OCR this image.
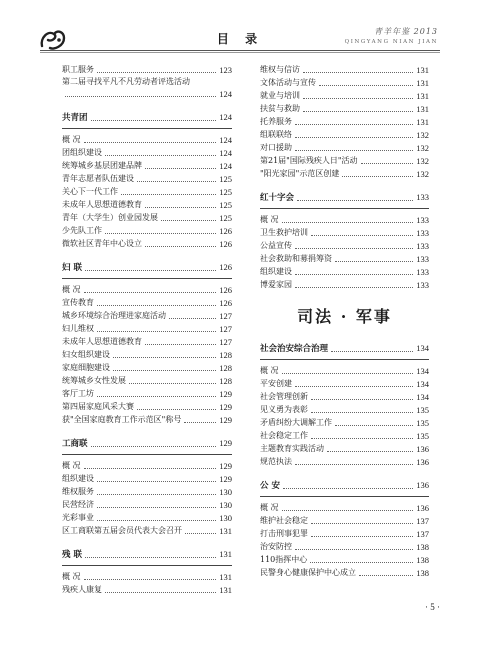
目 录
青羊年鉴 2013
QINGYANG NIAN JIAN
职工服务	123
第二届寻找平凡不凡劳动者评选活动
124
共青团	124
概 况	124
团组织建设	124
统筹城乡基层团建品牌	124
青年志愿者队伍建设	125
关心下一代工作	125
未成年人思想道德教育	125
青年（大学生）创业园发展	125
少先队工作	126
微软社区青年中心设立	126
妇 联	126
概 况	126
宣传教育	126
城乡环境综合治理进家庭活动	127
妇儿维权	127
未成年人思想道德教育	127
妇女组织建设	128
家庭细胞建设	128
统筹城乡女性发展	128
客厅工坊	129
第四届家庭风采大赛	129
获"全国家庭教育工作示范区"称号	129
工商联	129
概 况	129
组织建设	129
维权服务	130
民营经济	130
光彩事业	130
区工商联第五届会员代表大会召开	131
残 联	131
概 况	131
残疾人康复	131
维权与信访	131
文体活动与宣传	131
就业与培训	131
扶贫与救助	131
托养服务	131
组联联络	132
对口援助	132
第21届"国际残疾人日"活动	132
"阳光家园"示范区创建	132
红十字会	133
概 况	133
卫生救护培训	133
公益宣传	133
社会救助和募捐筹资	133
组织建设	133
博爱家园	133
司法 · 军事
社会治安综合治理	134
概 况	134
平安创建	134
社会管理创新	134
见义勇为表彰	135
矛盾纠纷大调解工作	135
社会稳定工作	135
主题教育实践活动	136
规范执法	136
公 安	136
概 况	136
维护社会稳定	137
打击刑事犯罪	137
治安防控	138
110指挥中心	138
民警身心健康保护中心成立	138
· 5 ·
